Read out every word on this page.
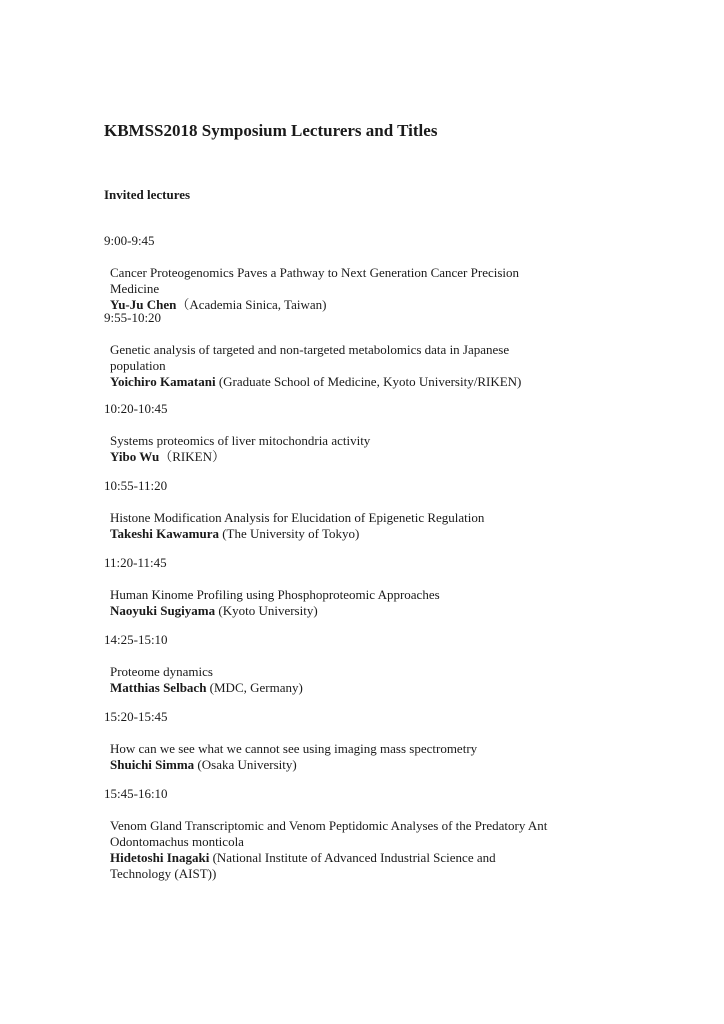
KBMSS2018 Symposium Lecturers and Titles
Invited lectures
9:00-9:45
Cancer Proteogenomics Paves a Pathway to Next Generation Cancer Precision Medicine
Yu-Ju Chen（Academia Sinica, Taiwan)
9:55-10:20
Genetic analysis of targeted and non-targeted metabolomics data in Japanese population
Yoichiro Kamatani (Graduate School of Medicine, Kyoto University/RIKEN)
10:20-10:45
Systems proteomics of liver mitochondria activity
Yibo Wu（RIKEN）
10:55-11:20
Histone Modification Analysis for Elucidation of Epigenetic Regulation
Takeshi Kawamura (The University of Tokyo)
11:20-11:45
Human Kinome Profiling using Phosphoproteomic Approaches
Naoyuki Sugiyama (Kyoto University)
14:25-15:10
Proteome dynamics
Matthias Selbach (MDC, Germany)
15:20-15:45
How can we see what we cannot see using imaging mass spectrometry
Shuichi Simma (Osaka University)
15:45-16:10
Venom Gland Transcriptomic and Venom Peptidomic Analyses of the Predatory Ant Odontomachus monticola
Hidetoshi Inagaki (National Institute of Advanced Industrial Science and Technology (AIST))
